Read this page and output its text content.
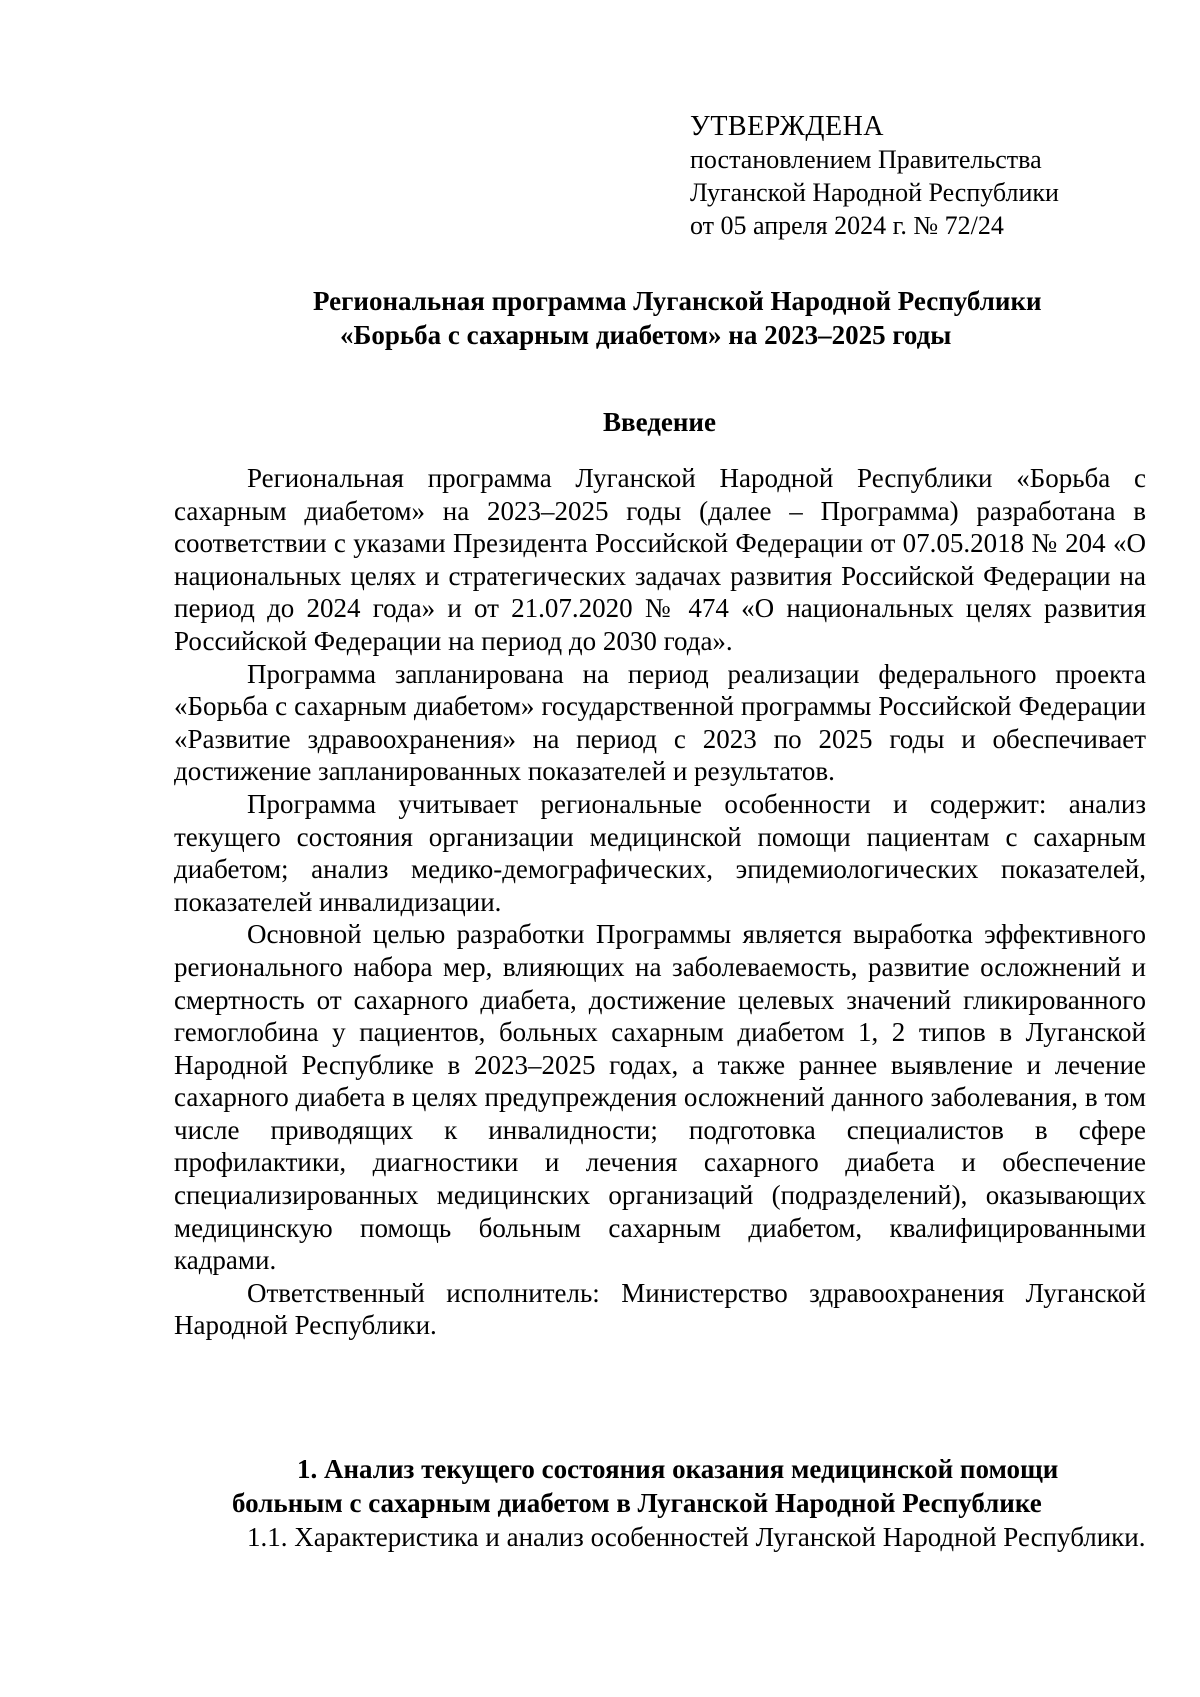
УТВЕРЖДЕНА
постановлением Правительства
Луганской Народной Республики
от 05 апреля 2024 г. № 72/24
Региональная программа Луганской Народной Республики
«Борьба с сахарным диабетом» на 2023–2025 годы
Введение

Региональная программа Луганской Народной Республики «Борьба с сахарным диабетом» на 2023–2025 годы (далее – Программа) разработана в соответствии с указами Президента Российской Федерации от 07.05.2018 № 204 «О национальных целях и стратегических задачах развития Российской Федерации на период до 2024 года» и от 21.07.2020 № 474 «О национальных целях развития Российской Федерации на период до 2030 года».

Программа запланирована на период реализации федерального проекта «Борьба с сахарным диабетом» государственной программы Российской Федерации «Развитие здравоохранения» на период с 2023 по 2025 годы и обеспечивает достижение запланированных показателей и результатов.

Программа учитывает региональные особенности и содержит: анализ текущего состояния организации медицинской помощи пациентам с сахарным диабетом; анализ медико-демографических, эпидемиологических показателей, показателей инвалидизации.

Основной целью разработки Программы является выработка эффективного регионального набора мер, влияющих на заболеваемость, развитие осложнений и смертность от сахарного диабета, достижение целевых значений гликированного гемоглобина у пациентов, больных сахарным диабетом 1, 2 типов в Луганской Народной Республике в 2023–2025 годах, а также раннее выявление и лечение сахарного диабета в целях предупреждения осложнений данного заболевания, в том числе приводящих к инвалидности; подготовка специалистов в сфере профилактики, диагностики и лечения сахарного диабета и обеспечение специализированных медицинских организаций (подразделений), оказывающих медицинскую помощь больным сахарным диабетом, квалифицированными кадрами.

Ответственный исполнитель: Министерство здравоохранения Луганской Народной Республики.

1. Анализ текущего состояния оказания медицинской помощи
больным с сахарным диабетом в Луганской Народной Республике

1.1. Характеристика и анализ особенностей Луганской Народной Республики.
